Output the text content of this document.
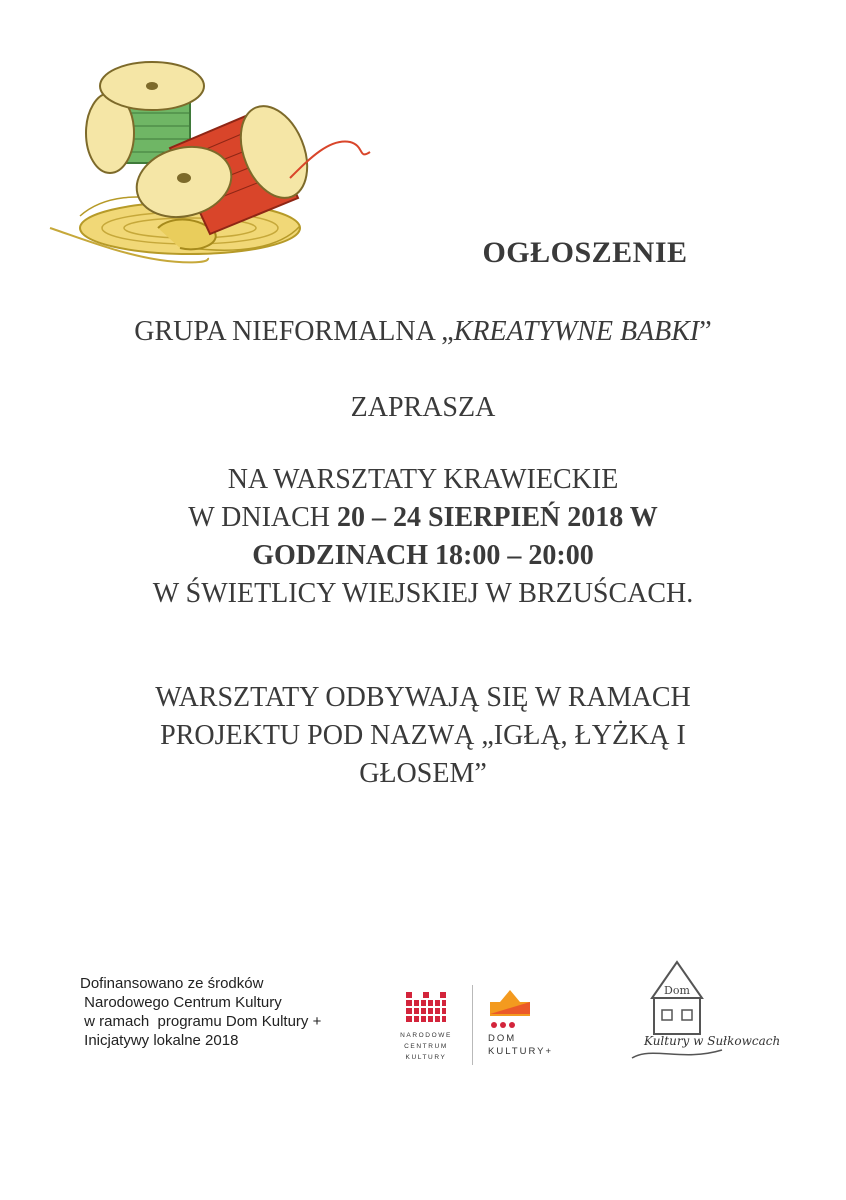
OGŁOSZENIE
GRUPA NIEFORMALNA „KREATYWNE BABKI”
ZAPRASZA
NA WARSZTATY KRAWIECKIE
W DNIACH 20 – 24 SIERPIEŃ 2018 W
GODZINACH 18:00 – 20:00
W ŚWIETLICY WIEJSKIEJ W BRZUŚCACH.
WARSZTATY ODBYWAJĄ SIĘ W RAMACH
PROJEKTU POD NAZWĄ „IGŁĄ, ŁYŻKĄ I
GŁOSEM”
Dofinansowano ze środków
Narodowego Centrum Kultury
w ramach  programu Dom Kultury +
Inicjatywy lokalne 2018	NARODOWE
CENTRUM
KULTURY
DOM
KULTURY+
Dom
Kultury w Sułkowcach
